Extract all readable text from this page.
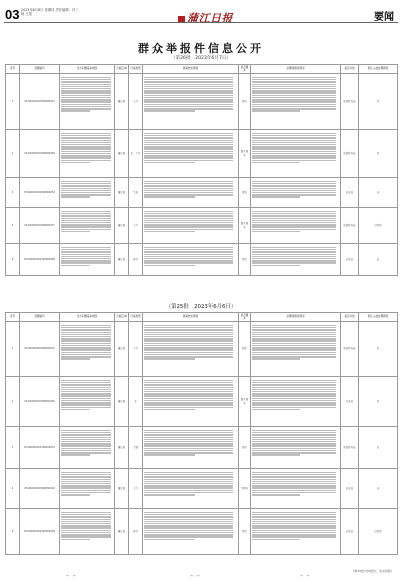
03 2023年6月8日 星期四 责任编辑：肖三娥 王果	蒲江日报	要闻
群众举报件信息公开
（第26批　2023年6月7日）
序号	受理编号	交办问题基本情况	行政区域	污染类型	调查核实情况	是否属实	处理和整改情况	是否办结	责任人被处理情况
1	X5100000202306060031		蒲江县	大气		属实		阶段性办结	无
2	X5100000202306060048		蒲江县	水、大气		部分属实		阶段性办结	无
3	D5100000202306060052		蒲江县	生态		属实		已办结	无
4	X5100000202306060077		蒲江县	大气		部分属实		阶段性办结	已约谈
5	D5100000202306060089		蒲江县	噪音		属实		已办结	无
（第25批　2023年6月6日）
序号	受理编号	交办问题基本情况	行政区域	污染类型	调查核实情况	是否属实	处理和整改情况	是否办结	责任人被处理情况
1	X5100000202306050012		蒲江县	大气		属实		阶段性办结	无
2	X5100000202306050026		蒲江县	水		部分属实		已办结	无
3	D5100000202306050031		蒲江县	土壤		属实		阶段性办结	无
4	X5100000202306050044		蒲江县	大气		不属实		已办结	无
5	D5100000202306050058		蒲江县	噪音		属实		已办结	已约谈
（第25批/共5批次，未完待续）
✂ ✂	✂ ✂	✂ ✂
